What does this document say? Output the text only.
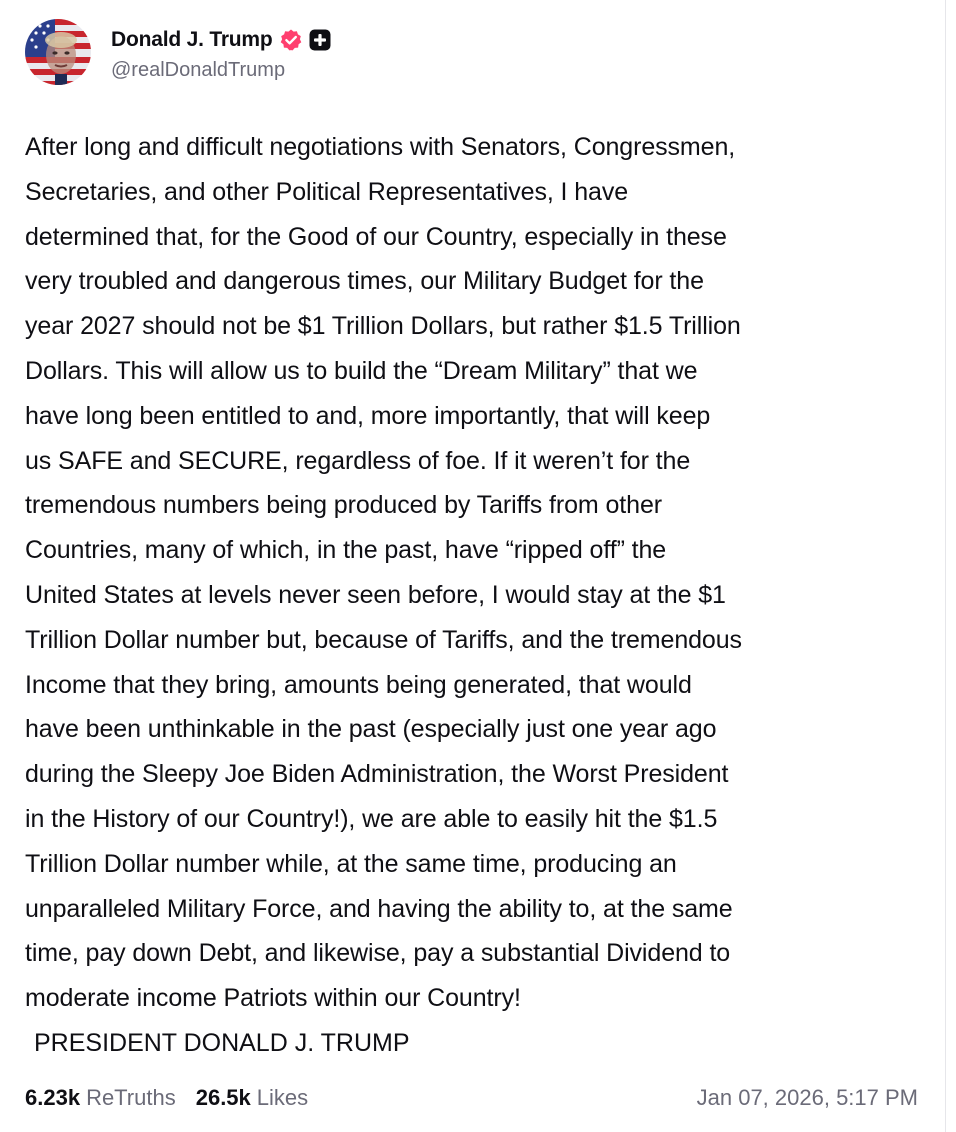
Donald J. Trump
@realDonaldTrump

After long and difficult negotiations with Senators, Congressmen,

Secretaries, and other Political Representatives, I have

determined that, for the Good of our Country, especially in these

very troubled and dangerous times, our Military Budget for the

year 2027 should not be $1 Trillion Dollars, but rather $1.5 Trillion

Dollars. This will allow us to build the “Dream Military” that we

have long been entitled to and, more importantly, that will keep

us SAFE and SECURE, regardless of foe. If it weren’t for the

tremendous numbers being produced by Tariffs from other

Countries, many of which, in the past, have “ripped off” the

United States at levels never seen before, I would stay at the $1

Trillion Dollar number but, because of Tariffs, and the tremendous

Income that they bring, amounts being generated, that would

have been unthinkable in the past (especially just one year ago

during the Sleepy Joe Biden Administration, the Worst President

in the History of our Country!), we are able to easily hit the $1.5

Trillion Dollar number while, at the same time, producing an

unparalleled Military Force, and having the ability to, at the same

time, pay down Debt, and likewise, pay a substantial Dividend to

moderate income Patriots within our Country!

PRESIDENT DONALD J. TRUMP
6.23k ReTruths 26.5k Likes	Jan 07, 2026, 5:17 PM
